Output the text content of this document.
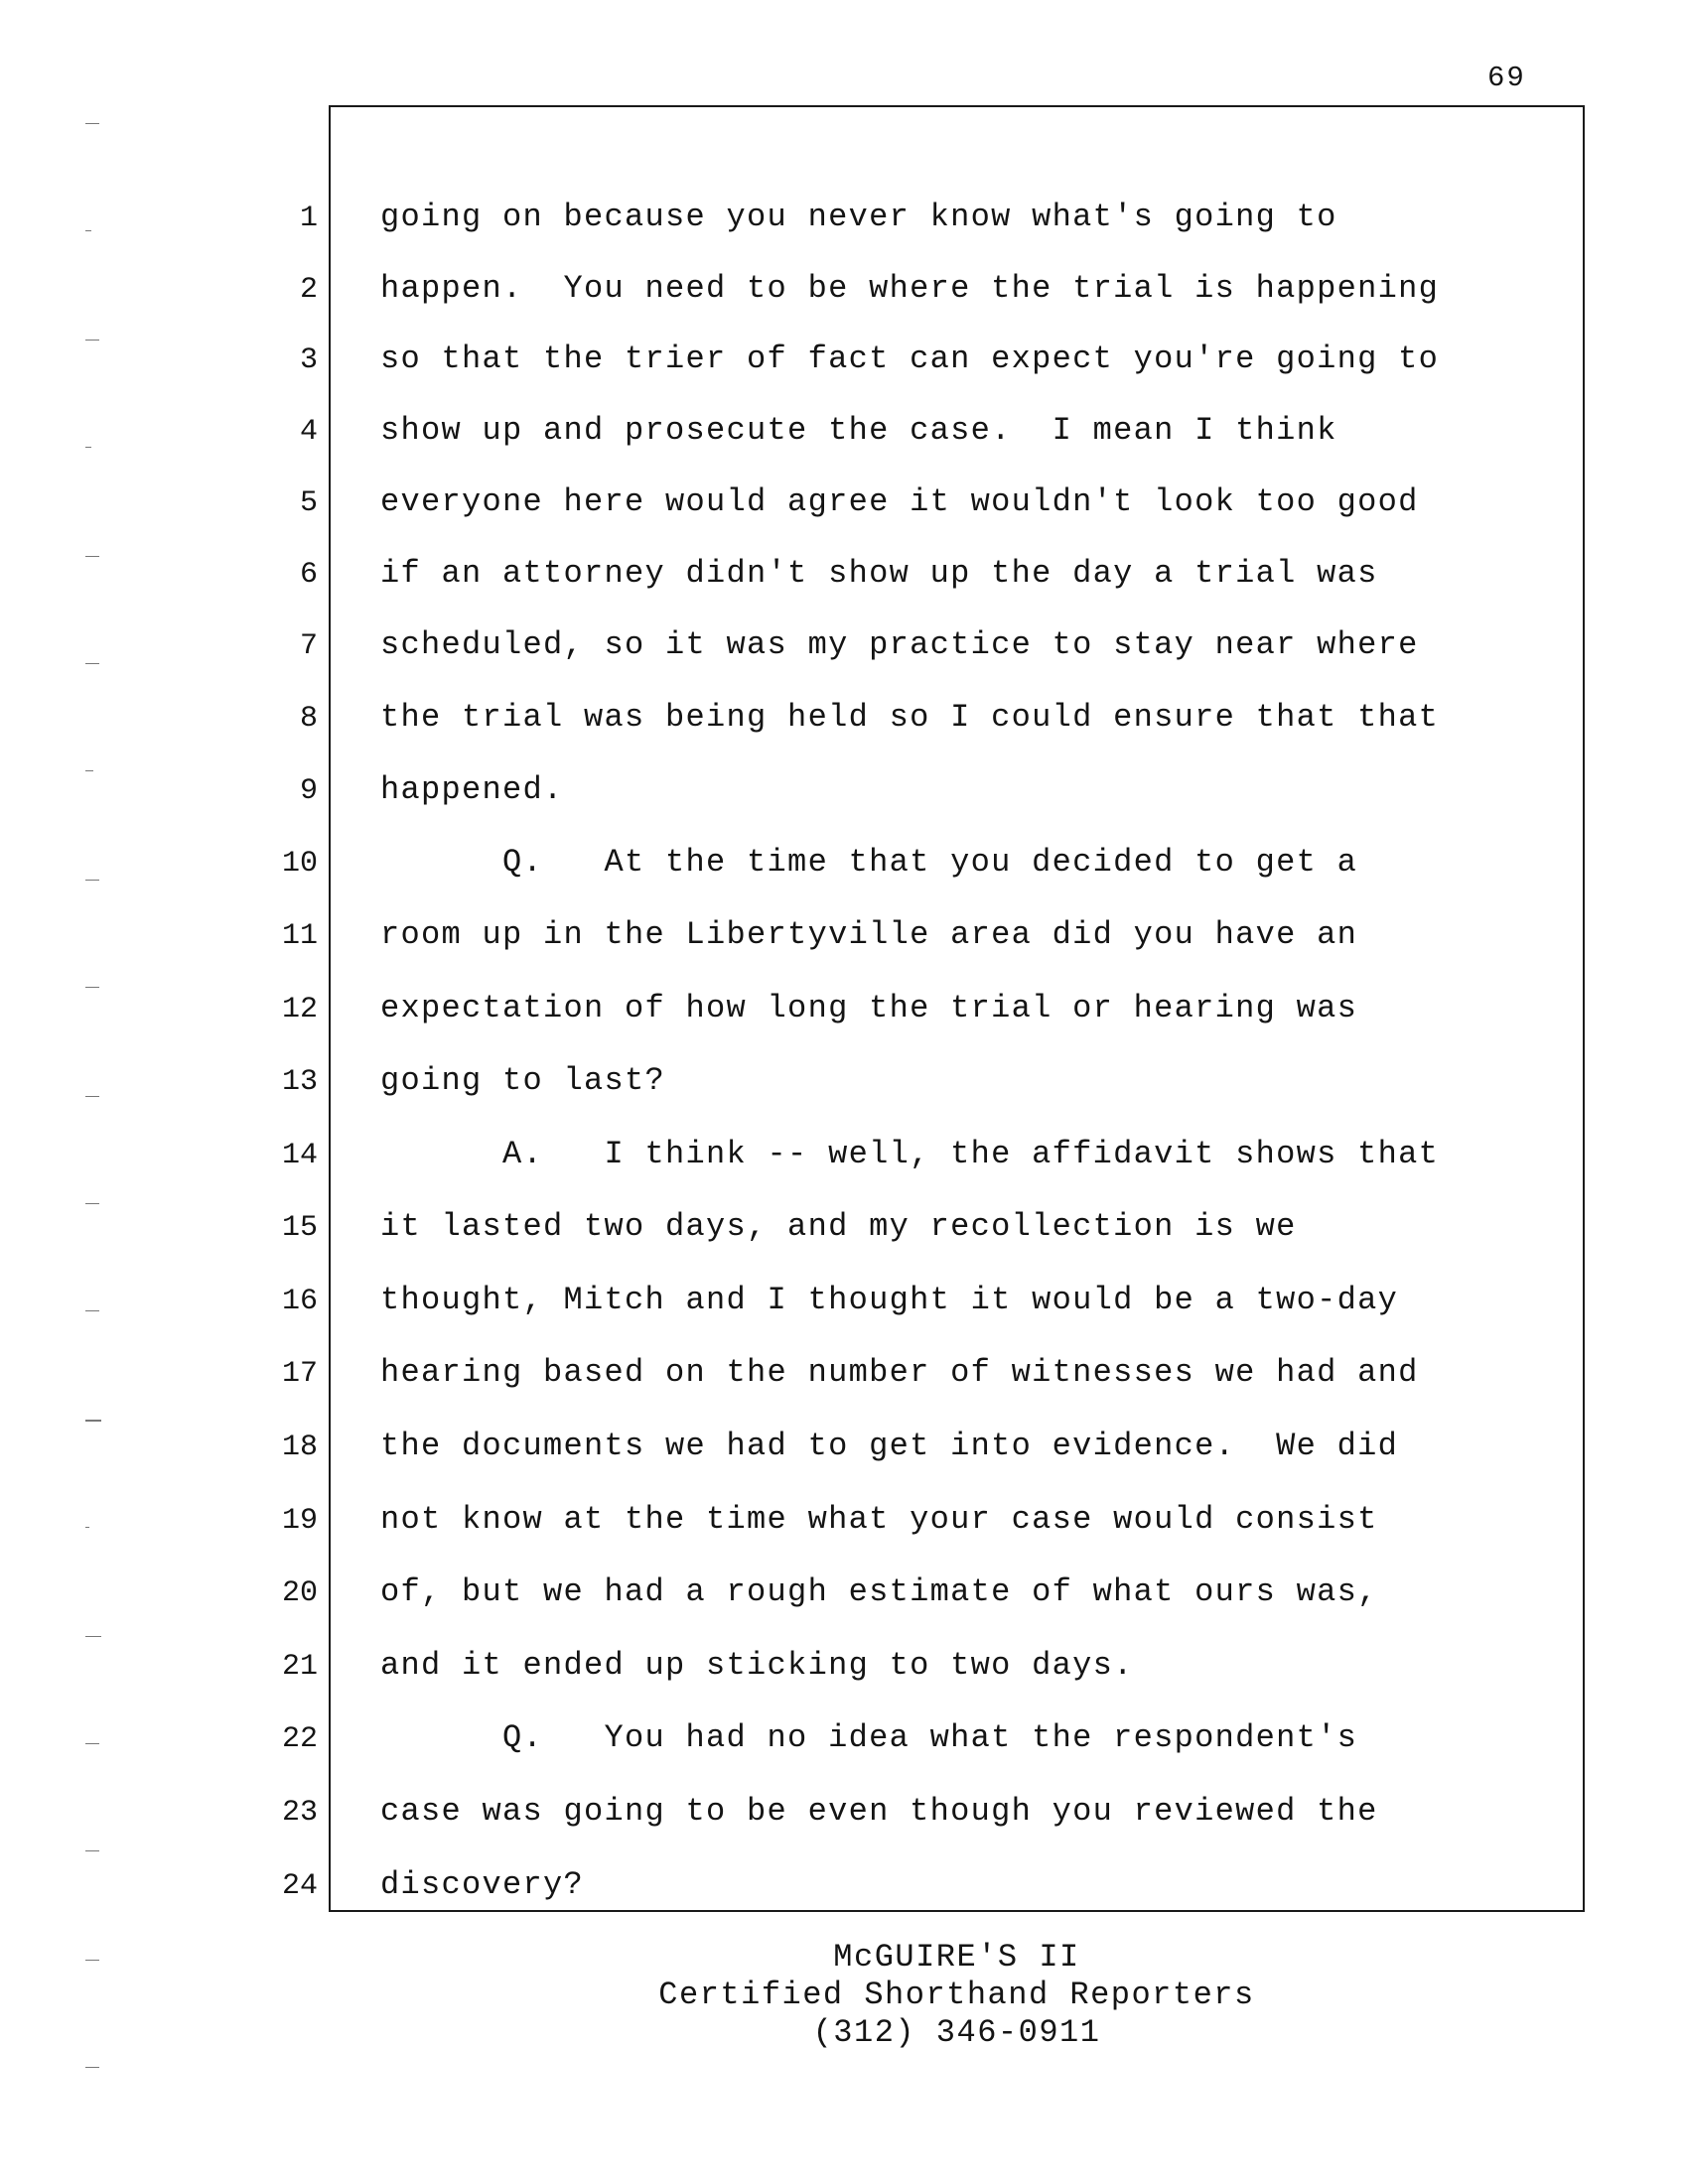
69
1
2
3
4
5
6
7
8
9
10
11
12
13
14
15
16
17
18
19
20
21
22
23
24
going on because you never know what's going to
happen.  You need to be where the trial is happening
so that the trier of fact can expect you're going to
show up and prosecute the case.  I mean I think
everyone here would agree it wouldn't look too good
if an attorney didn't show up the day a trial was
scheduled, so it was my practice to stay near where
the trial was being held so I could ensure that that
happened.
Q.   At the time that you decided to get a
room up in the Libertyville area did you have an
expectation of how long the trial or hearing was
going to last?
A.   I think -- well, the affidavit shows that
it lasted two days, and my recollection is we
thought, Mitch and I thought it would be a two-day
hearing based on the number of witnesses we had and
the documents we had to get into evidence.  We did
not know at the time what your case would consist
of, but we had a rough estimate of what ours was,
and it ended up sticking to two days.
Q.   You had no idea what the respondent's
case was going to be even though you reviewed the
discovery?
McGUIRE'S II
Certified Shorthand Reporters
(312) 346-0911
